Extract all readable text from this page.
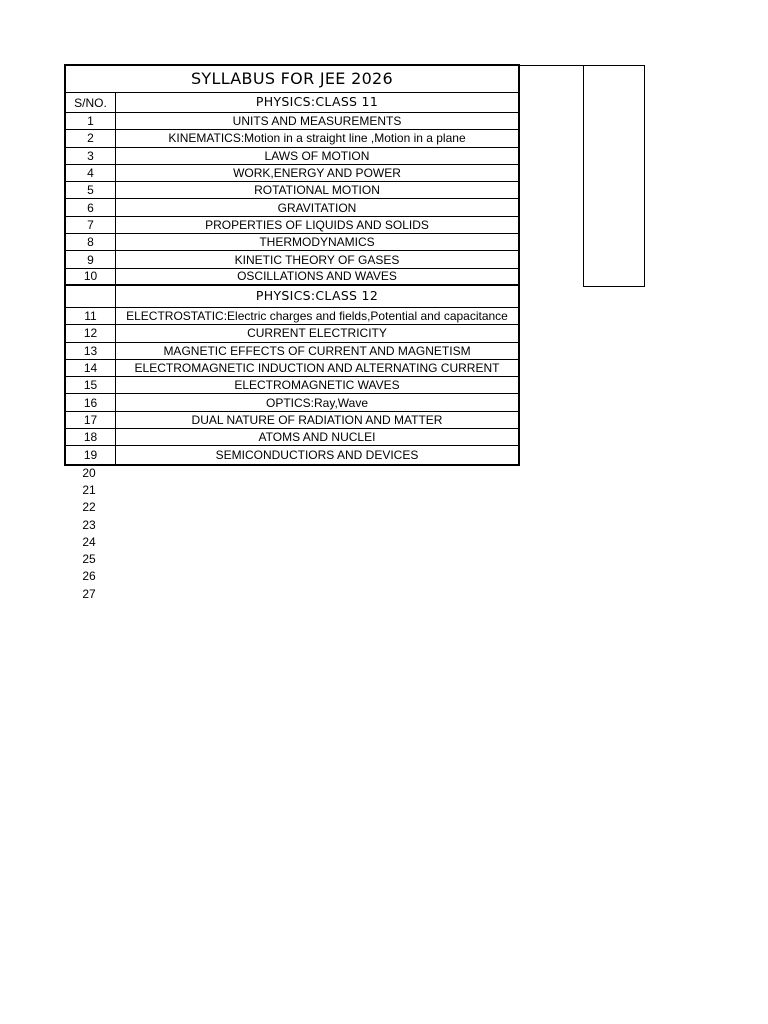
SYLLABUS FOR JEE 2026
S/NO.	PHYSICS:CLASS 11
1	UNITS AND MEASUREMENTS
2	KINEMATICS:Motion in a straight line ,Motion in a plane
3	LAWS OF MOTION
4	WORK,ENERGY AND POWER
5	ROTATIONAL MOTION
6	GRAVITATION
7	PROPERTIES OF LIQUIDS AND SOLIDS
8	THERMODYNAMICS
9	KINETIC THEORY OF GASES
10	OSCILLATIONS AND WAVES
PHYSICS:CLASS 12
11	ELECTROSTATIC:Electric charges and fields,Potential and capacitance
12	CURRENT ELECTRICITY
13	MAGNETIC EFFECTS OF CURRENT AND MAGNETISM
14	ELECTROMAGNETIC INDUCTION AND ALTERNATING CURRENT
15	ELECTROMAGNETIC WAVES
16	OPTICS:Ray,Wave
17	DUAL NATURE OF RADIATION AND MATTER
18	ATOMS AND NUCLEI
19	SEMICONDUCTIORS AND DEVICES
20
21
22
23
24
25
26
27
